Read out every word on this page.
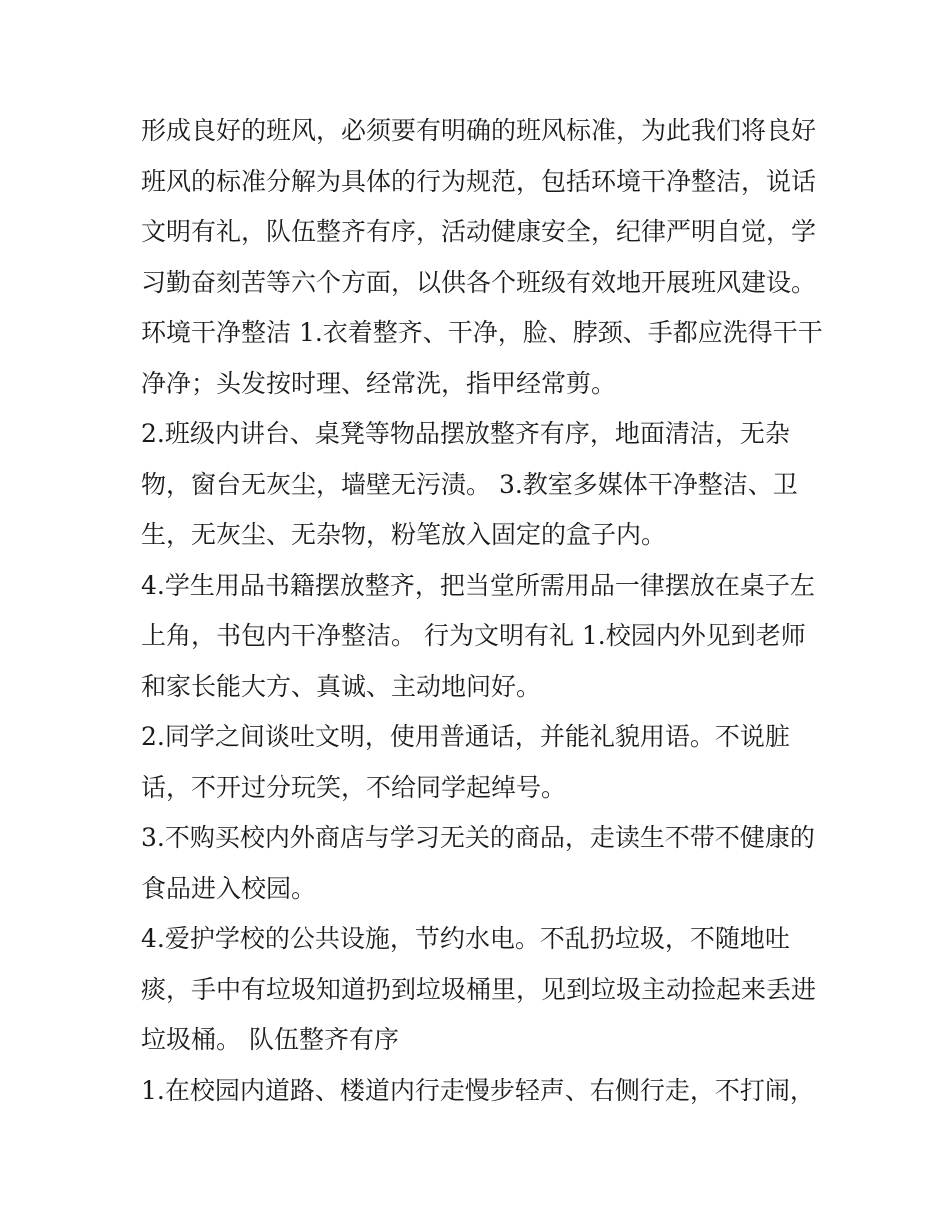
形成良好的班风，必须要有明确的班风标准，为此我们将良好
班风的标准分解为具体的行为规范，包括环境干净整洁，说话
文明有礼，队伍整齐有序，活动健康安全，纪律严明自觉，学
习勤奋刻苦等六个方面，以供各个班级有效地开展班风建设。
环境干净整洁 1.衣着整齐、干净，脸、脖颈、手都应洗得干干
净净；头发按时理、经常洗，指甲经常剪。
2.班级内讲台、桌凳等物品摆放整齐有序，地面清洁，无杂
物，窗台无灰尘，墙壁无污渍。 3.教室多媒体干净整洁、卫
生，无灰尘、无杂物，粉笔放入固定的盒子内。
4.学生用品书籍摆放整齐，把当堂所需用品一律摆放在桌子左
上角，书包内干净整洁。 行为文明有礼 1.校园内外见到老师
和家长能大方、真诚、主动地问好。
2.同学之间谈吐文明，使用普通话，并能礼貌用语。不说脏
话，不开过分玩笑，不给同学起绰号。
3.不购买校内外商店与学习无关的商品，走读生不带不健康的
食品进入校园。
4.爱护学校的公共设施，节约水电。不乱扔垃圾，不随地吐
痰，手中有垃圾知道扔到垃圾桶里，见到垃圾主动捡起来丢进
垃圾桶。 队伍整齐有序
1.在校园内道路、楼道内行走慢步轻声、右侧行走，不打闹，
